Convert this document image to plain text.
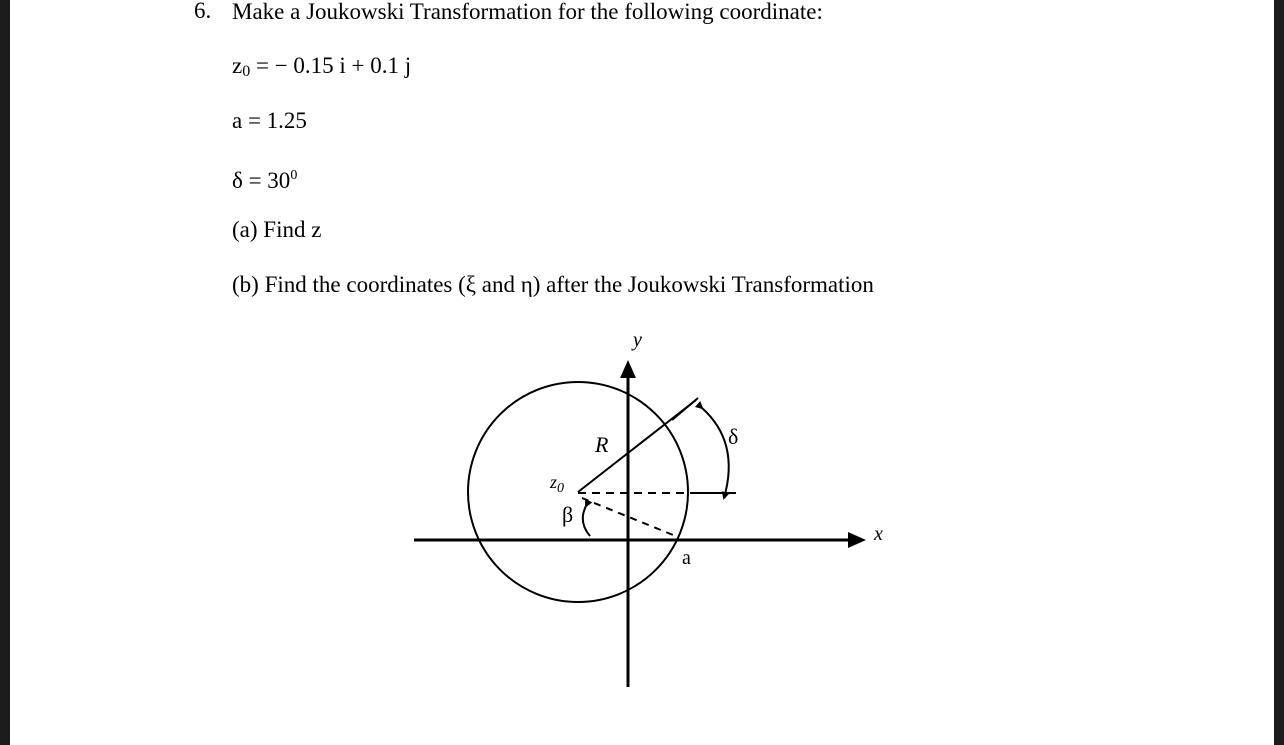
6. Make a Joukowski Transformation for the following coordinate:
z0 = − 0.15 i + 0.1 j
a = 1.25
$\delta = 30^0$
(a) Find z
(b) Find the coordinates (ξ and η) after the Joukowski Transformation
y
x
R	δ
β
a
$z_0$
